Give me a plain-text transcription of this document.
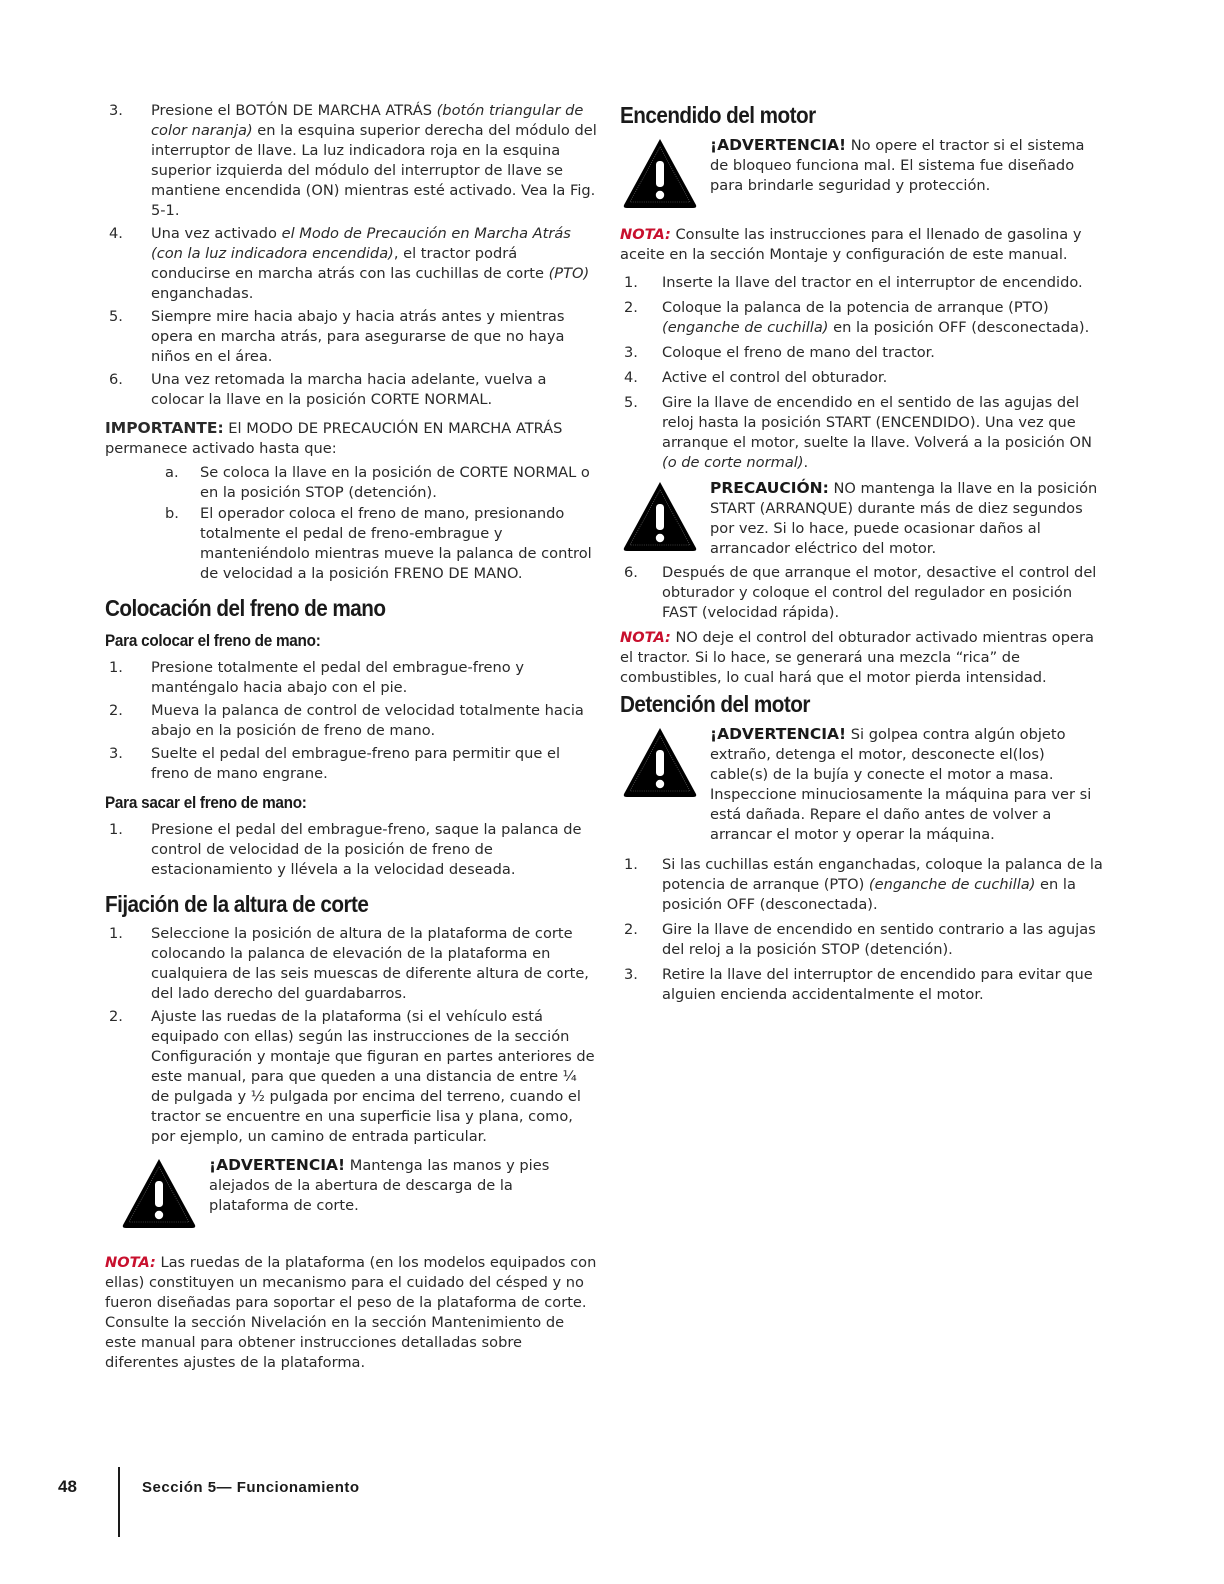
3. Presione el BOTÓN DE MARCHA ATRÁS (botón triangular de color naranja) en la esquina superior derecha del módulo del interruptor de llave. La luz indicadora roja en la esquina superior izquierda del módulo del interruptor de llave se mantiene encendida (ON) mientras esté activado. Vea la Fig. 5-1.
4. Una vez activado el Modo de Precaución en Marcha Atrás (con la luz indicadora encendida), el tractor podrá conducirse en marcha atrás con las cuchillas de corte (PTO) enganchadas.
5. Siempre mire hacia abajo y hacia atrás antes y mientras opera en marcha atrás, para asegurarse de que no haya niños en el área.
6. Una vez retomada la marcha hacia adelante, vuelva a colocar la llave en la posición CORTE NORMAL.

IMPORTANTE: El MODO DE PRECAUCIÓN EN MARCHA ATRÁS permanece activado hasta que:

a. Se coloca la llave en la posición de CORTE NORMAL o en la posición STOP (detención).
b. El operador coloca el freno de mano, presionando totalmente el pedal de freno-embrague y manteniéndolo mientras mueve la palanca de control de velocidad a la posición FRENO DE MANO.
Colocación del freno de mano
Para colocar el freno de mano:
1. Presione totalmente el pedal del embrague-freno y manténgalo hacia abajo con el pie.
2. Mueva la palanca de control de velocidad totalmente hacia abajo en la posición de freno de mano.
3. Suelte el pedal del embrague-freno para permitir que el freno de mano engrane.
Para sacar el freno de mano:
1. Presione el pedal del embrague-freno, saque la palanca de control de velocidad de la posición de freno de estacionamiento y llévela a la velocidad deseada.
Fijación de la altura de corte
1. Seleccione la posición de altura de la plataforma de corte colocando la palanca de elevación de la plataforma en cualquiera de las seis muescas de diferente altura de corte, del lado derecho del guardabarros.
2. Ajuste las ruedas de la plataforma (si el vehículo está equipado con ellas) según las instrucciones de la sección Configuración y montaje que figuran en partes anteriores de este manual, para que queden a una distancia de entre ¼ de pulgada y ½ pulgada por encima del terreno, cuando el tractor se encuentre en una superficie lisa y plana, como, por ejemplo, un camino de entrada particular.
¡ADVERTENCIA! Mantenga las manos y pies alejados de la abertura de descarga de la plataforma de corte.

NOTA: Las ruedas de la plataforma (en los modelos equipados con ellas) constituyen un mecanismo para el cuidado del césped y no fueron diseñadas para soportar el peso de la plataforma de corte. Consulte la sección Nivelación en la sección Mantenimiento de este manual para obtener instrucciones detalladas sobre diferentes ajustes de la plataforma.

Encendido del motor
¡ADVERTENCIA! No opere el tractor si el sistema de bloqueo funciona mal. El sistema fue diseñado para brindarle seguridad y protección.

NOTA: Consulte las instrucciones para el llenado de gasolina y aceite en la sección Montaje y configuración de este manual.

1. Inserte la llave del tractor en el interruptor de encendido.
2. Coloque la palanca de la potencia de arranque (PTO) (enganche de cuchilla) en la posición OFF (desconectada).
3. Coloque el freno de mano del tractor.
4. Active el control del obturador.
5. Gire la llave de encendido en el sentido de las agujas del reloj hasta la posición START (ENCENDIDO). Una vez que arranque el motor, suelte la llave. Volverá a la posición ON (o de corte normal).
PRECAUCIÓN: NO mantenga la llave en la posición START (ARRANQUE) durante más de diez segundos por vez. Si lo hace, puede ocasionar daños al arrancador eléctrico del motor.
6. Después de que arranque el motor, desactive el control del obturador y coloque el control del regulador en posición FAST (velocidad rápida).

NOTA: NO deje el control del obturador activado mientras opera el tractor. Si lo hace, se generará una mezcla “rica” de combustibles, lo cual hará que el motor pierda intensidad.

Detención del motor
¡ADVERTENCIA! Si golpea contra algún objeto extraño, detenga el motor, desconecte el(los) cable(s) de la bujía y conecte el motor a masa. Inspeccione minuciosamente la máquina para ver si está dañada. Repare el daño antes de volver a arrancar el motor y operar la máquina.
1. Si las cuchillas están enganchadas, coloque la palanca de la potencia de arranque (PTO) (enganche de cuchilla) en la posición OFF (desconectada).
2. Gire la llave de encendido en sentido contrario a las agujas del reloj a la posición STOP (detención).
3. Retire la llave del interruptor de encendido para evitar que alguien encienda accidentalmente el motor.
48	Sección 5— Funcionamiento
